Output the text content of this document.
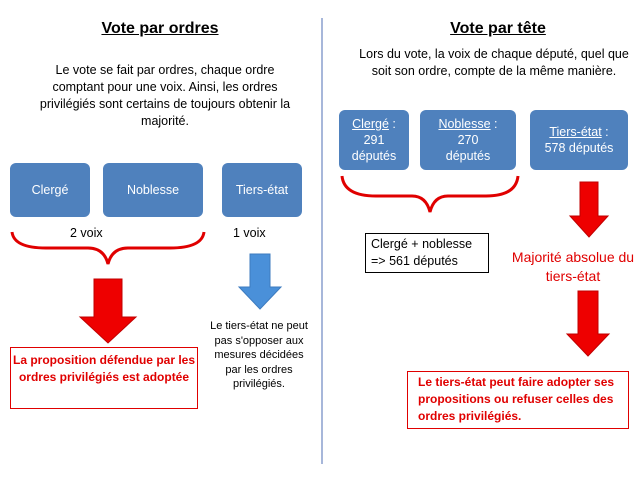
Vote par ordres
Le vote se fait par ordres, chaque ordre comptant pour une voix. Ainsi, les ordres privilégiés sont certains de toujours obtenir la majorité.
Clergé	Noblesse	Tiers-état
2 voix	1 voix
La proposition défendue par les ordres privilégiés est adoptée
Le tiers-état ne peut pas s'opposer aux mesures décidées par les ordres privilégiés.
Vote par tête
Lors du vote, la voix de chaque député, quel que soit son ordre, compte de la même manière.
Clergé :
291
députés
Noblesse :
270
députés
Tiers-état :
578 députés
Clergé + noblesse
=> 561 députés	Majorité absolue du tiers-état
Le tiers-état peut faire adopter ses propositions ou refuser celles des ordres privilégiés.
